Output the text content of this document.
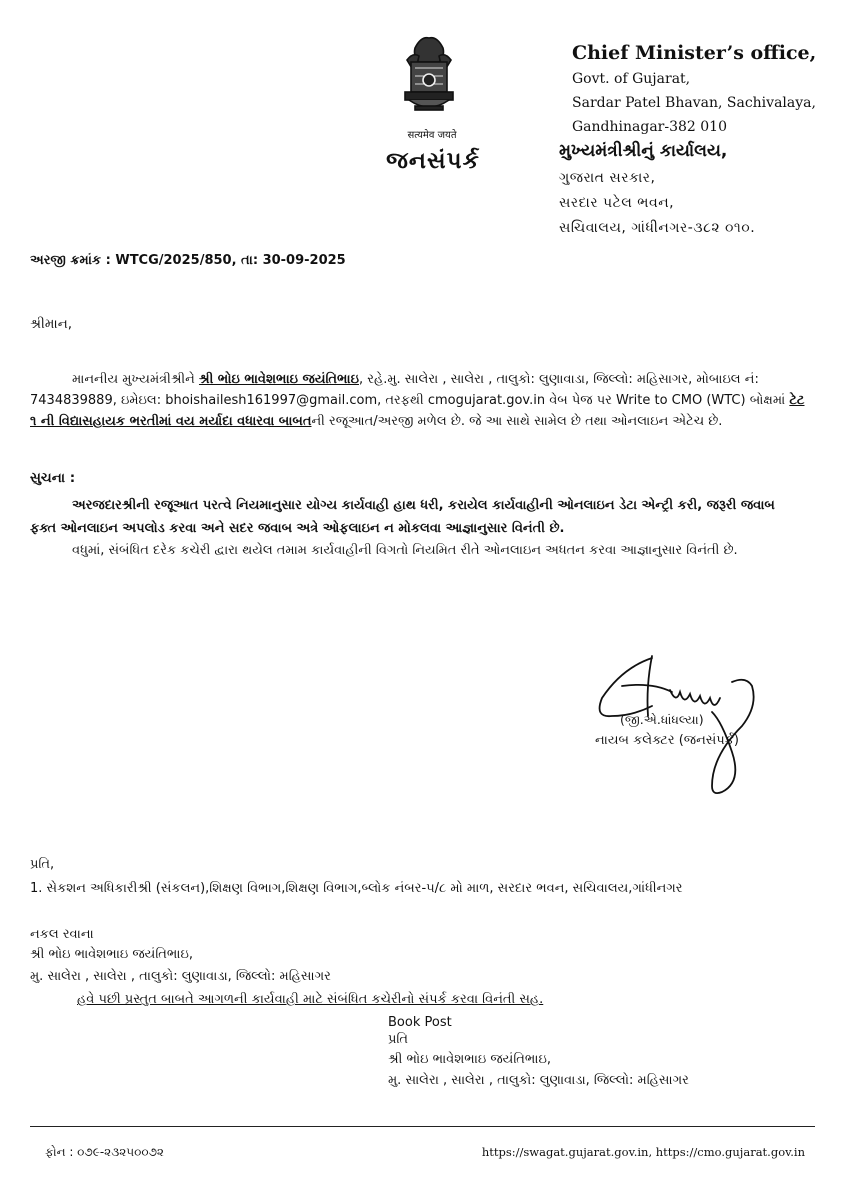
सत्यमेव जयते
જનસંપર્ક
Chief Minister’s office,
Govt. of Gujarat,
Sardar Patel Bhavan, Sachivalaya,
Gandhinagar-382 010
મુખ્યમંત્રીશ્રીનું કાર્યાલય,
ગુજરાત સરકાર,
સરદાર પટેલ ભવન,
સચિવાલય, ગાંધીનગર-૩૮૨ ૦૧૦.
અરજી ક્રમાંક : WTCG/2025/850, તા: 30-09-2025
શ્રીમાન,
માનનીય મુખ્યમંત્રીશ્રીને શ્રી ભોઇ ભાવેશભાઇ જયંતિભાઇ, રહે.મુ. સાલેરા , સાલેરા , તાલુકો: લુણાવાડા, જિલ્લો: મહિસાગર, મોબાઇલ નં: 7434839889, ઇમેઇલ: bhoishailesh161997@gmail.com, તરફથી cmogujarat.gov.in વેબ પેજ પર Write to CMO (WTC) બોક્ષમાં ટેટ ૧ ની વિદ્યાસહાયક ભરતીમાં વય મર્યાદા વધારવા બાબતની રજૂઆત/અરજી મળેલ છે. જે આ સાથે સામેલ છે તથા ઓનલાઇન એટેચ છે.
સુચના :
અરજદારશ્રીની રજૂઆત પરત્વે નિયમાનુસાર યોગ્ય કાર્યવાહી હાથ ધરી, કરાયેલ કાર્યવાહીની ઓનલાઇન ડેટા એન્ટ્રી કરી, જરૂરી જવાબ ફક્ત ઓનલાઇન અપલોડ કરવા અને સદર જવાબ અત્રે ઓફલાઇન ન મોકલવા આજ્ઞાનુસાર વિનંતી છે.
વધુમાં, સંબંધિત દરેક કચેરી દ્વારા થયેલ તમામ કાર્યવાહીની વિગતો નિયમિત રીતે ઓનલાઇન અધતન કરવા આજ્ઞાનુસાર વિનંતી છે.
(જી.એ.ધાંધલ્યા)
નાયબ કલેક્ટર (જનસંપર્ક)
પ્રતિ,
1. સેકશન અધિકારીશ્રી (સંકલન),શિક્ષણ વિભાગ,શિક્ષણ વિભાગ,બ્લોક નંબર-૫/૮ મો માળ, સરદાર ભવન, સચિવાલય,ગાંધીનગર
નકલ રવાના
શ્રી ભોઇ ભાવેશભાઇ જયંતિભાઇ,
મુ. સાલેરા , સાલેરા , તાલુકો: લુણાવાડા, જિલ્લો: મહિસાગર
હવે પછી પ્રસ્તુત બાબતે આગળની કાર્યવાહી માટે સંબંધિત કચેરીનો સંપર્ક કરવા વિનંતી સહ.
Book Post
પ્રતિ
શ્રી ભોઇ ભાવેશભાઇ જયંતિભાઇ,
મુ. સાલેરા , સાલેરા , તાલુકો: લુણાવાડા, જિલ્લો: મહિસાગર
ફોન : ૦૭૯-૨૩૨૫૦૦૭૨	https://swagat.gujarat.gov.in, https://cmo.gujarat.gov.in
